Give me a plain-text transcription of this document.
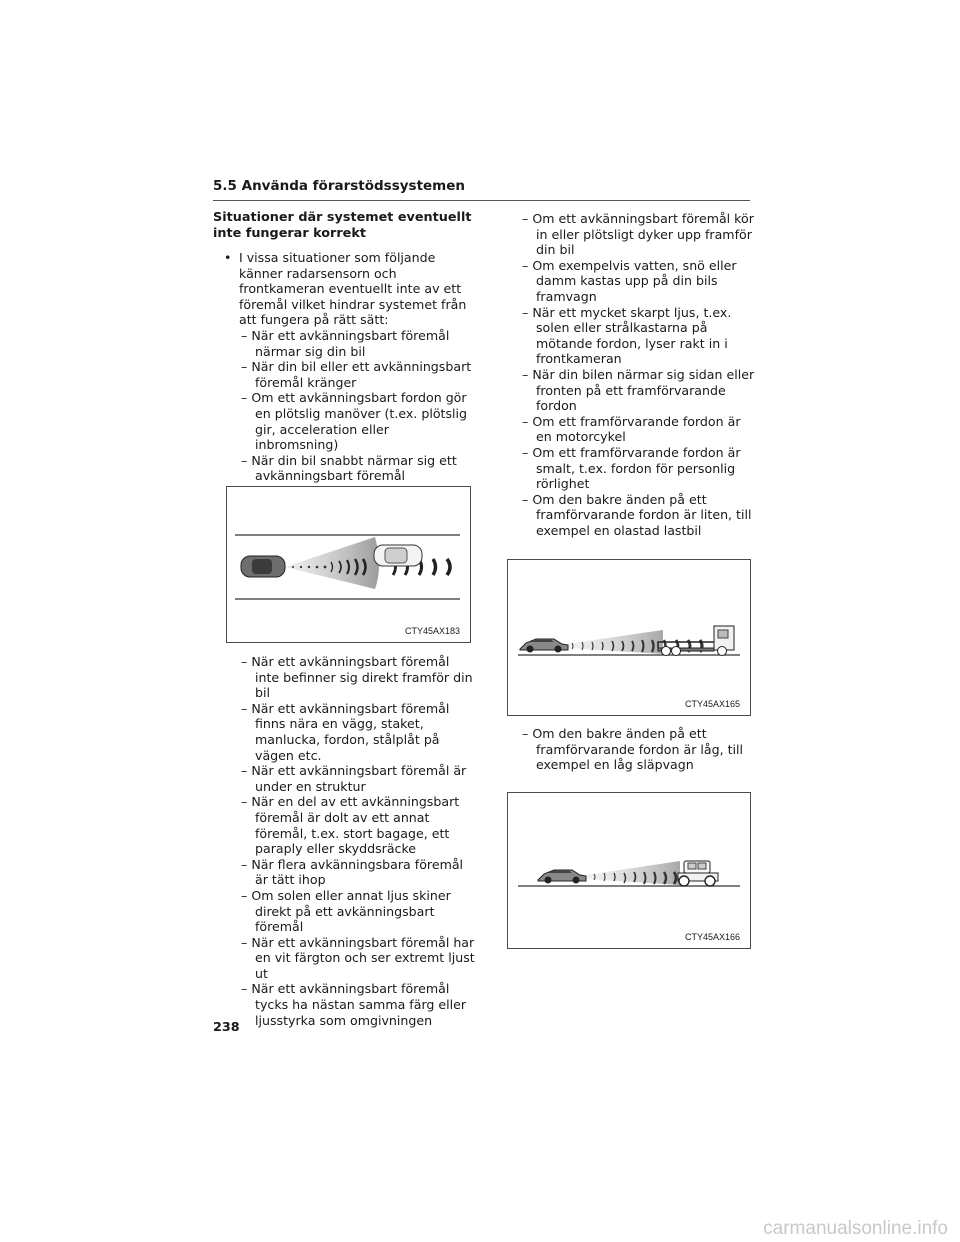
5.5 Använda förarstödssystemen
Situationer där systemet eventuellt inte fungerar korrekt
• I vissa situationer som följande känner radarsensorn och frontkameran eventuellt inte av ett föremål vilket hindrar systemet från att fungera på rätt sätt:
– När ett avkänningsbart föremål närmar sig din bil
– När din bil eller ett avkänningsbart föremål kränger
– Om ett avkänningsbart fordon gör en plötslig manöver (t.ex. plötslig gir, acceleration eller inbromsning)
– När din bil snabbt närmar sig ett avkänningsbart föremål
CTY45AX183
– När ett avkänningsbart föremål inte befinner sig direkt framför din bil
– När ett avkänningsbart föremål finns nära en vägg, staket, manlucka, fordon, stålplåt på vägen etc.
– När ett avkänningsbart föremål är under en struktur
– När en del av ett avkänningsbart föremål är dolt av ett annat föremål, t.ex. stort bagage, ett paraply eller skyddsräcke
– När flera avkänningsbara föremål är tätt ihop
– Om solen eller annat ljus skiner direkt på ett avkänningsbart föremål
– När ett avkänningsbart föremål har en vit färgton och ser extremt ljust ut
– När ett avkänningsbart föremål tycks ha nästan samma färg eller ljusstyrka som omgivningen
– Om ett avkänningsbart föremål kör in eller plötsligt dyker upp framför din bil
– Om exempelvis vatten, snö eller damm kastas upp på din bils framvagn
– När ett mycket skarpt ljus, t.ex. solen eller strålkastarna på mötande fordon, lyser rakt in i frontkameran
– När din bilen närmar sig sidan eller fronten på ett framförvarande fordon
– Om ett framförvarande fordon är en motorcykel
– Om ett framförvarande fordon är smalt, t.ex. fordon för personlig rörlighet
– Om den bakre änden på ett framförvarande fordon är liten, till exempel en olastad lastbil
CTY45AX165
– Om den bakre änden på ett framförvarande fordon är låg, till exempel en låg släpvagn
CTY45AX166
238
carmanualsonline.info
